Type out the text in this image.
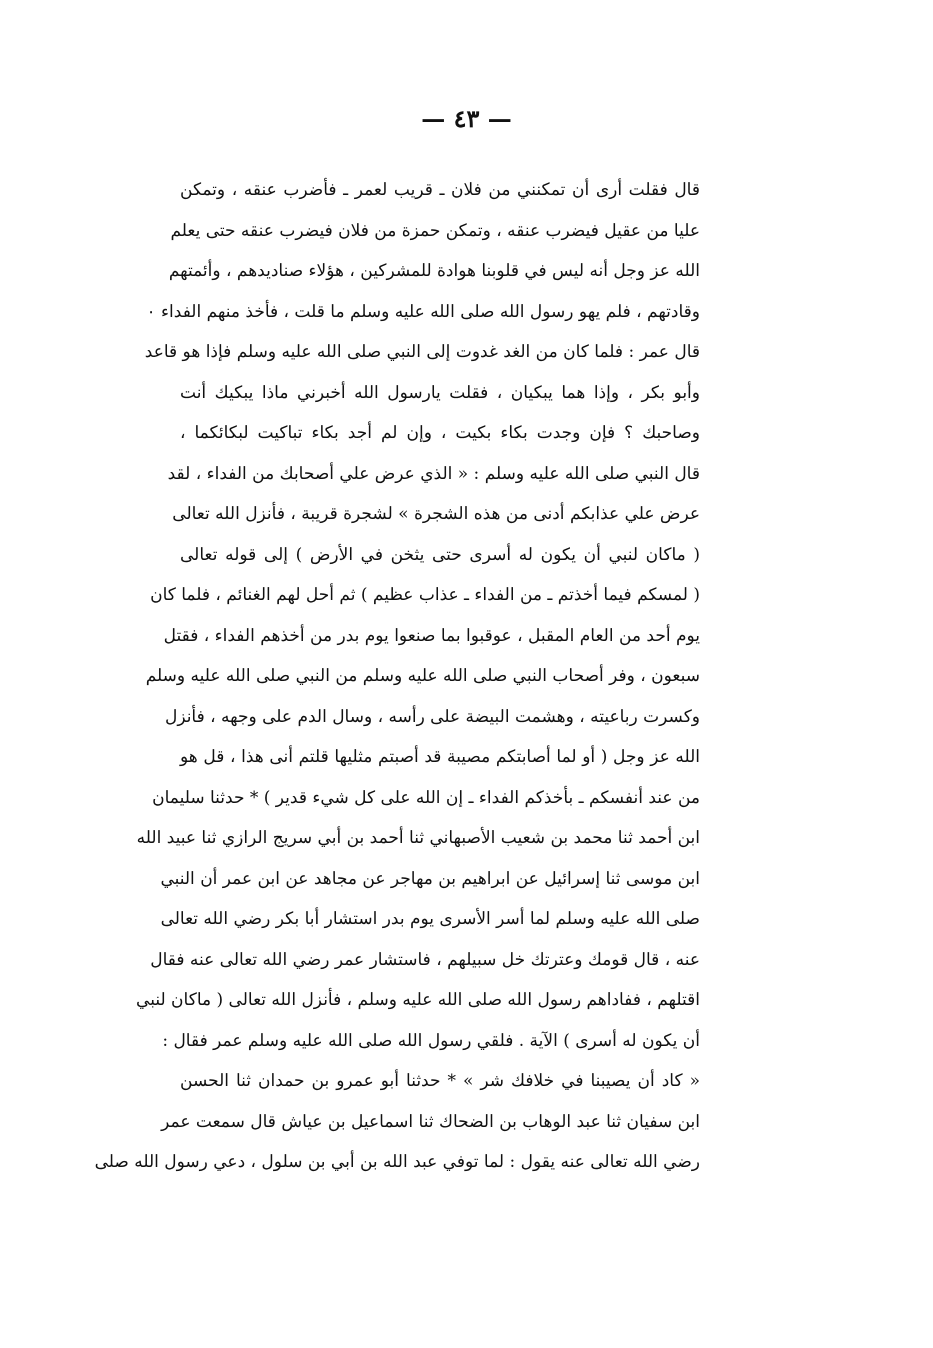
— ٤٣ —
قال فقلت أرى أن تمكنني من فلان ـ قريب لعمر ـ فأضرب عنقه ، وتمكن
عليا من عقيل فيضرب عنقه ، وتمكن حمزة من فلان فيضرب عنقه حتى يعلم
الله عز وجل أنه ليس في قلوبنا هوادة للمشركين ، هؤلاء صناديدهم ، وأئمتهم
وقادتهم ، فلم يهو رسول الله صلى الله عليه وسلم ما قلت ، فأخذ منهم الفداء ٠
قال عمر : فلما كان من الغد غدوت إلى النبي صلى الله عليه وسلم فإذا هو قاعد
وأبو بكر ، وإذا هما يبكيان ، فقلت يارسول الله أخبرني ماذا يبكيك أنت
وصاحبك ؟ فإن وجدت بكاء بكيت ، وإن لم أجد بكاء تباكيت لبكائكما ،
قال النبي صلى الله عليه وسلم : « الذي عرض علي أصحابك من الفداء ، لقد
عرض علي عذابكم أدنى من هذه الشجرة » لشجرة قريبة ، فأنزل الله تعالى
( ماكان لنبي أن يكون له أسرى حتى يثخن في الأرض ) إلى قوله تعالى
( لمسكم فيما أخذتم ـ من الفداء ـ عذاب عظيم ) ثم أحل لهم الغنائم ، فلما كان
يوم أحد من العام المقبل ، عوقبوا بما صنعوا يوم بدر من أخذهم الفداء ، فقتل
سبعون ، وفر أصحاب النبي صلى الله عليه وسلم من النبي صلى الله عليه وسلم
وكسرت رباعيته ، وهشمت البيضة على رأسه ، وسال الدم على وجهه ، فأنزل
الله عز وجل ( أو لما أصابتكم مصيبة قد أصبتم مثليها قلتم أنى هذا ، قل هو
من عند أنفسكم ـ بأخذكم الفداء ـ إن الله على كل شيء قدير ) * حدثنا سليمان
ابن أحمد ثنا محمد بن شعيب الأصبهاني ثنا أحمد بن أبي سريج الرازي ثنا عبيد الله
ابن موسى ثنا إسرائيل عن ابراهيم بن مهاجر عن مجاهد عن ابن عمر أن النبي
صلى الله عليه وسلم لما أسر الأسرى يوم بدر استشار أبا بكر رضي الله تعالى
عنه ، قال قومك وعترتك خل سبيلهم ، فاستشار عمر رضي الله تعالى عنه فقال
اقتلهم ، ففاداهم رسول الله صلى الله عليه وسلم ، فأنزل الله تعالى ( ماكان لنبي
أن يكون له أسرى ) الآية . فلقي رسول الله صلى الله عليه وسلم عمر فقال :
« كاد أن يصيبنا في خلافك شر » * حدثنا أبو عمرو بن حمدان ثنا الحسن
ابن سفيان ثنا عبد الوهاب بن الضحاك ثنا اسماعيل بن عياش قال سمعت عمر
رضي الله تعالى عنه يقول : لما توفي عبد الله بن أبي بن سلول ، دعي رسول الله صلى
